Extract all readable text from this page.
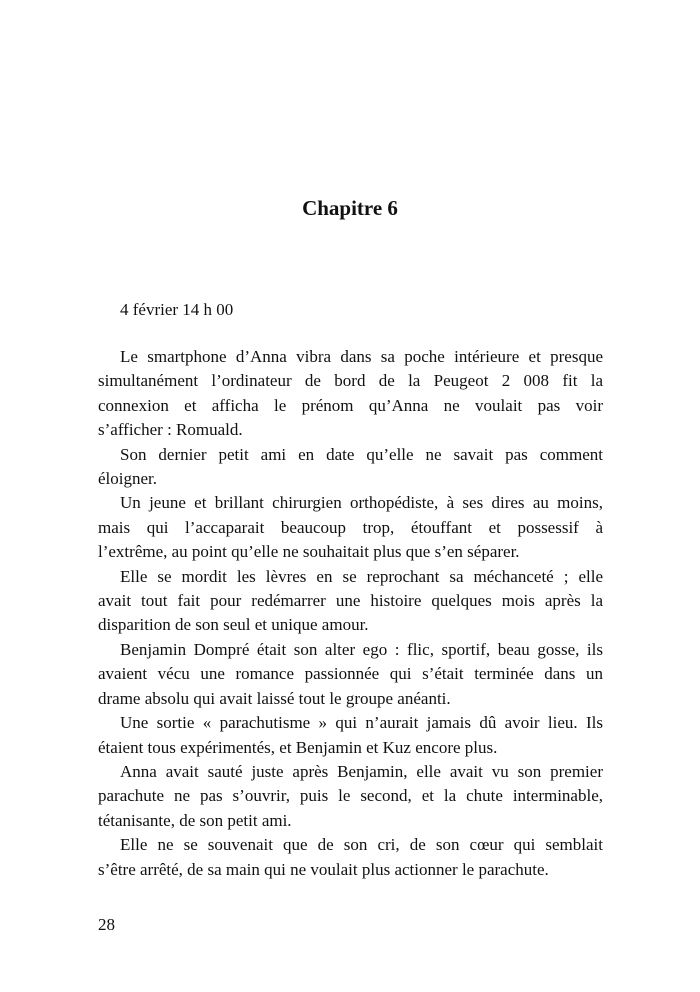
Chapitre 6
4 février 14 h 00
Le smartphone d’Anna vibra dans sa poche intérieure et presque
simultanément l’ordinateur de bord de la Peugeot 2 008 fit la
connexion et afficha le prénom qu’Anna ne voulait pas voir
s’afficher : Romuald.
Son dernier petit ami en date qu’elle ne savait pas comment
éloigner.
Un jeune et brillant chirurgien orthopédiste, à ses dires au moins,
mais qui l’accaparait beaucoup trop, étouffant et possessif à
l’extrême, au point qu’elle ne souhaitait plus que s’en séparer.
Elle se mordit les lèvres en se reprochant sa méchanceté ; elle
avait tout fait pour redémarrer une histoire quelques mois après la
disparition de son seul et unique amour.
Benjamin Dompré était son alter ego : flic, sportif, beau gosse, ils
avaient vécu une romance passionnée qui s’était terminée dans un
drame absolu qui avait laissé tout le groupe anéanti.
Une sortie « parachutisme » qui n’aurait jamais dû avoir lieu. Ils
étaient tous expérimentés, et Benjamin et Kuz encore plus.
Anna avait sauté juste après Benjamin, elle avait vu son premier
parachute ne pas s’ouvrir, puis le second, et la chute interminable,
tétanisante, de son petit ami.
Elle ne se souvenait que de son cri, de son cœur qui semblait
s’être arrêté, de sa main qui ne voulait plus actionner le parachute.
28
